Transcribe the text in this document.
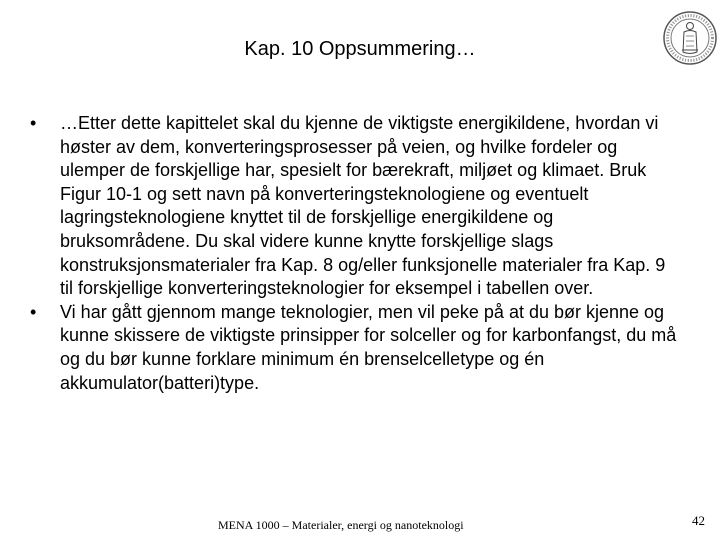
Kap. 10 Oppsummering…
• …Etter dette kapittelet skal du kjenne de viktigste energikildene, hvordan vi høster av dem, konverteringsprosesser på veien, og hvilke fordeler og ulemper de forskjellige har, spesielt for bærekraft, miljøet og klimaet. Bruk Figur 10-1 og sett navn på konverteringsteknologiene og eventuelt lagringsteknologiene knyttet til de forskjellige energikildene og bruksområdene. Du skal videre kunne knytte forskjellige slags konstruksjonsmaterialer fra Kap. 8 og/eller funksjonelle materialer fra Kap. 9 til forskjellige konverteringsteknologier for eksempel i tabellen over.
• Vi har gått gjennom mange teknologier, men vil peke på at du bør kjenne og kunne skissere de viktigste prinsipper for solceller og for karbonfangst, du må og du bør kunne forklare minimum én brenselcelletype og én akkumulator(batteri)type.
MENA 1000 – Materialer, energi og nanoteknologi	42
